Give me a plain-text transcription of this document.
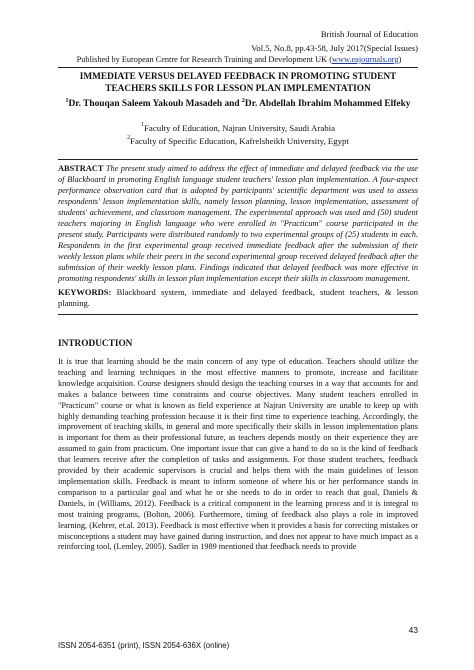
British Journal of Education
Vol.5, No.8, pp.43-58, July 2017(Special Issues)
Published by European Centre for Research Training and Development UK (www.eajournals.org)
IMMEDIATE VERSUS DELAYED FEEDBACK IN PROMOTING STUDENT TEACHERS SKILLS FOR LESSON PLAN IMPLEMENTATION
$^1$Dr. Thouqan Saleem Yakoub Masadeh and $^2$Dr. Abdellah Ibrahim Mohammed Elfeky
$^1$Faculty of Education, Najran University, Saudi Arabia
$^2$Faculty of Specific Education, Kafrelsheikh University, Egypt
ABSTRACT The present study aimed to address the effect of immediate and delayed feedback via the use of Blackboard in promoting English language student teachers' lesson plan implementation. A four-aspect performance observation card that is adopted by participants' scientific department was used to assess respondents' lesson implementation skills, namely lesson planning, lesson implementation, assessment of students' achievement, and classroom management. The experimental approach was used and (50) student teachers majoring in English language who were enrolled in "Practicum" course participated in the present study. Participants were distributed randomly to two experimental groups of (25) students in each. Respondents in the first experimental group received immediate feedback after the submission of their weekly lesson plans while their peers in the second experimental group received delayed feedback after the submission of their weekly lesson plans. Findings indicated that delayed feedback was more effective in promoting respondents' skills in lesson plan implementation except their skills in classroom management.
KEYWORDS: Blackboard system, immediate and delayed feedback, student teachers, & lesson planning.
INTRODUCTION
It is true that learning should be the main concern of any type of education. Teachers should utilize the teaching and learning techniques in the most effective manners to promote, increase and facilitate knowledge acquisition. Course designers should design the teaching courses in a way that accounts for and makes a balance between time constraints and course objectives. Many student teachers enrolled in "Practicum" course or what is known as field experience at Najran University are unable to keep up with highly demanding teaching profession because it is their first time to experience teaching. Accordingly, the improvement of teaching skills, in general and more specifically their skills in lesson implementation plans is important for them as their professional future, as teachers depends mostly on their experience they are assumed to gain from practicum. One important issue that can give a hand to do so is the kind of feedback that learners receive after the completion of tasks and assignments. For those student teachers, feedback provided by their academic supervisors is crucial and helps them with the main guidelines of lesson implementation skills. Feedback is meant to inform someone of where his or her performance stands in comparison to a particular goal and what he or she needs to do in order to reach that goal, Daniels & Daniels, in (Williams, 2012). Feedback is a critical component in the learning process and it is integral to most training programs, (Bolton, 2006). Furthermore, timing of feedback also plays a role in improved learning, (Kehrer, et.al. 2013). Feedback is most effective when it provides a basis for correcting mistakes or misconceptions a student may have gained during instruction, and does not appear to have much impact as a reinforcing tool, (Lemley, 2005). Sadler in 1989 mentioned that feedback needs to provide
43
ISSN 2054-6351 (print), ISSN 2054-636X (online)
